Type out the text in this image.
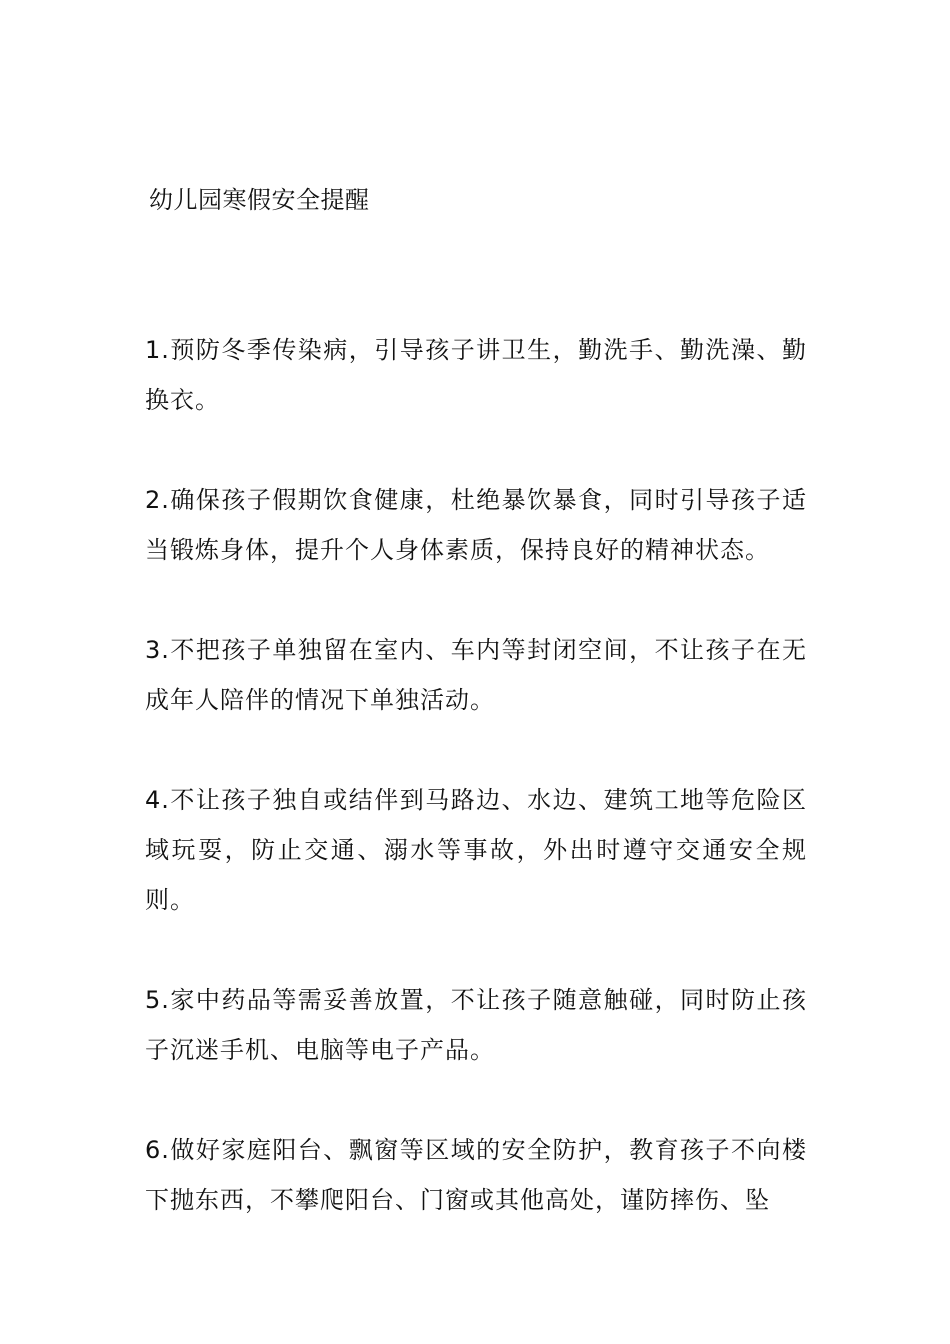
幼儿园寒假安全提醒

1.预防冬季传染病，引导孩子讲卫生，勤洗手、勤洗澡、勤换衣。

2.确保孩子假期饮食健康，杜绝暴饮暴食，同时引导孩子适当锻炼身体，提升个人身体素质，保持良好的精神状态。

3.不把孩子单独留在室内、车内等封闭空间，不让孩子在无成年人陪伴的情况下单独活动。

4.不让孩子独自或结伴到马路边、水边、建筑工地等危险区域玩耍，防止交通、溺水等事故，外出时遵守交通安全规则。

5.家中药品等需妥善放置，不让孩子随意触碰，同时防止孩子沉迷手机、电脑等电子产品。

6.做好家庭阳台、飘窗等区域的安全防护，教育孩子不向楼下抛东西，不攀爬阳台、门窗或其他高处，谨防摔伤、坠
